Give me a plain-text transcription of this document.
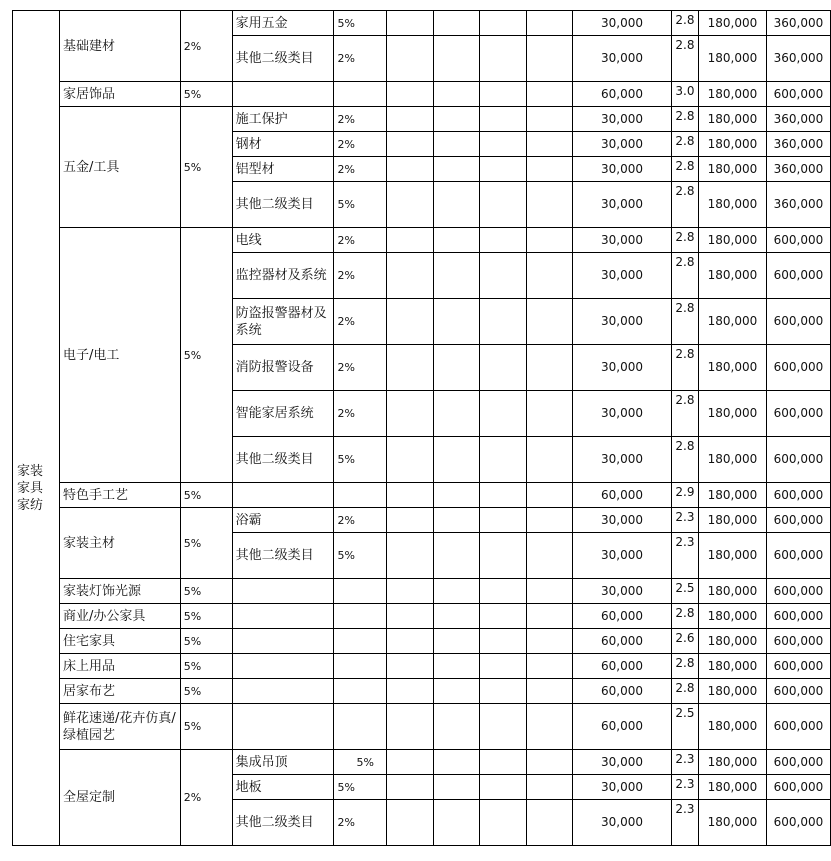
家装家具家纺	基础建材	2%	家用五金	5%					30,000	2.8	180,000	360,000
			其他二级类目	2%					30,000	2.8	180,000	360,000
	家居饰品	5%							60,000	3.0	180,000	600,000
	五金/工具	5%	施工保护	2%					30,000	2.8	180,000	360,000
			钢材	2%					30,000	2.8	180,000	360,000
			铝型材	2%					30,000	2.8	180,000	360,000
			其他二级类目	5%					30,000	2.8	180,000	360,000
	电子/电工	5%	电线	2%					30,000	2.8	180,000	600,000
			监控器材及系统	2%					30,000	2.8	180,000	600,000
			防盗报警器材及系统	2%					30,000	2.8	180,000	600,000
			消防报警设备	2%					30,000	2.8	180,000	600,000
			智能家居系统	2%					30,000	2.8	180,000	600,000
			其他二级类目	5%					30,000	2.8	180,000	600,000
	特色手工艺	5%							60,000	2.9	180,000	600,000
	家装主材	5%	浴霸	2%					30,000	2.3	180,000	600,000
			其他二级类目	5%					30,000	2.3	180,000	600,000
	家装灯饰光源	5%							30,000	2.5	180,000	600,000
	商业/办公家具	5%							60,000	2.8	180,000	600,000
	住宅家具	5%							60,000	2.6	180,000	600,000
	床上用品	5%							60,000	2.8	180,000	600,000
	居家布艺	5%							60,000	2.8	180,000	600,000
	鲜花速递/花卉仿真/绿植园艺	5%							60,000	2.5	180,000	600,000
	全屋定制	2%	集成吊顶	5%					30,000	2.3	180,000	600,000
			地板	5%					30,000	2.3	180,000	600,000
			其他二级类目	2%					30,000	2.3	180,000	600,000
